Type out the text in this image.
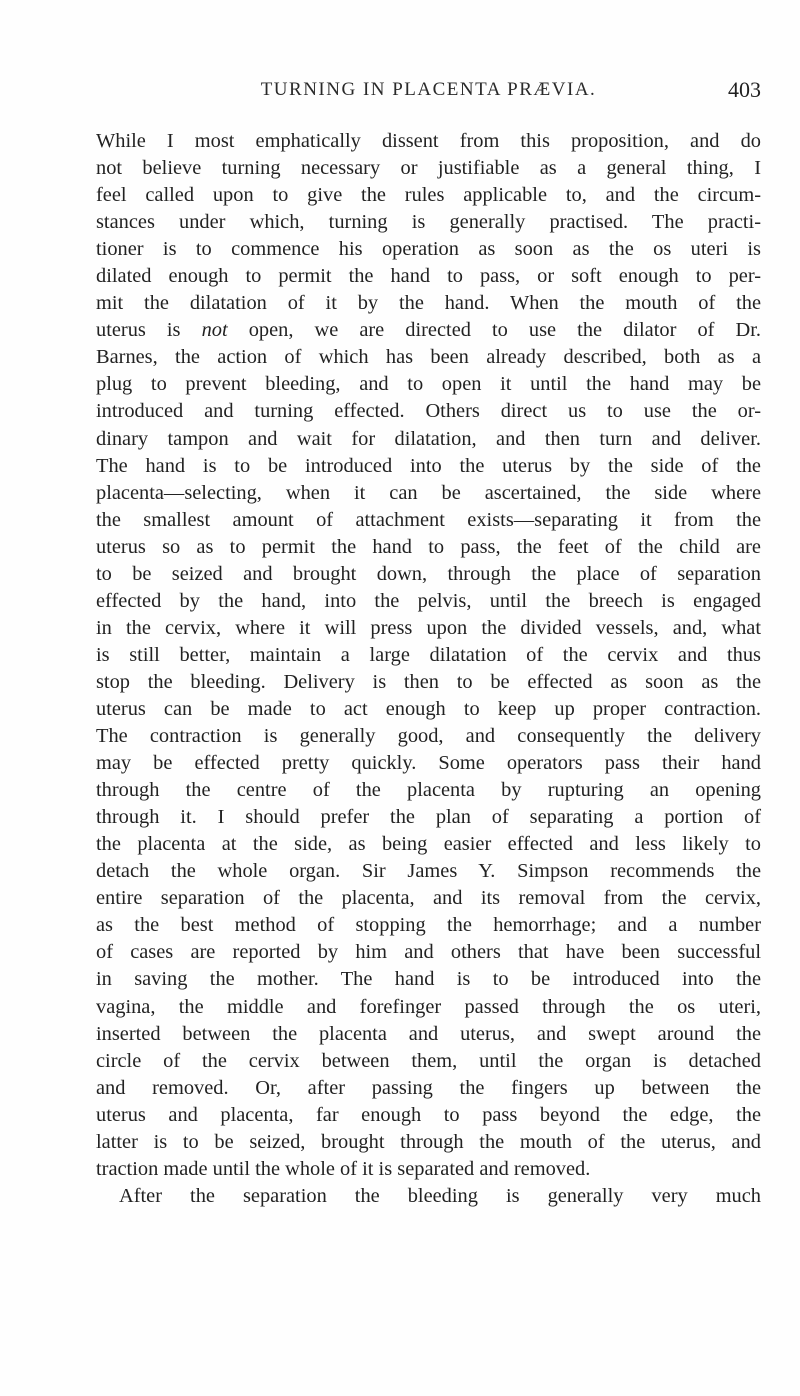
TURNING IN PLACENTA PRÆVIA.	403

While I most emphatically dissent from this proposition, and do
not believe turning necessary or justifiable as a general thing, I
feel called upon to give the rules applicable to, and the circum-
stances under which, turning is generally practised. The practi-
tioner is to commence his operation as soon as the os uteri is
dilated enough to permit the hand to pass, or soft enough to per-
mit the dilatation of it by the hand. When the mouth of the
uterus is not open, we are directed to use the dilator of Dr.
Barnes, the action of which has been already described, both as a
plug to prevent bleeding, and to open it until the hand may be
introduced and turning effected. Others direct us to use the or-
dinary tampon and wait for dilatation, and then turn and deliver.
The hand is to be introduced into the uterus by the side of the
placenta—selecting, when it can be ascertained, the side where
the smallest amount of attachment exists—separating it from the
uterus so as to permit the hand to pass, the feet of the child are
to be seized and brought down, through the place of separation
effected by the hand, into the pelvis, until the breech is engaged
in the cervix, where it will press upon the divided vessels, and, what
is still better, maintain a large dilatation of the cervix and thus
stop the bleeding. Delivery is then to be effected as soon as the
uterus can be made to act enough to keep up proper contraction.
The contraction is generally good, and consequently the delivery
may be effected pretty quickly. Some operators pass their hand
through the centre of the placenta by rupturing an opening
through it. I should prefer the plan of separating a portion of
the placenta at the side, as being easier effected and less likely to
detach the whole organ. Sir James Y. Simpson recommends the
entire separation of the placenta, and its removal from the cervix,
as the best method of stopping the hemorrhage; and a number
of cases are reported by him and others that have been successful
in saving the mother. The hand is to be introduced into the
vagina, the middle and forefinger passed through the os uteri,
inserted between the placenta and uterus, and swept around the
circle of the cervix between them, until the organ is detached
and removed. Or, after passing the fingers up between the
uterus and placenta, far enough to pass beyond the edge, the
latter is to be seized, brought through the mouth of the uterus, and
traction made until the whole of it is separated and removed.
After the separation the bleeding is generally very much
